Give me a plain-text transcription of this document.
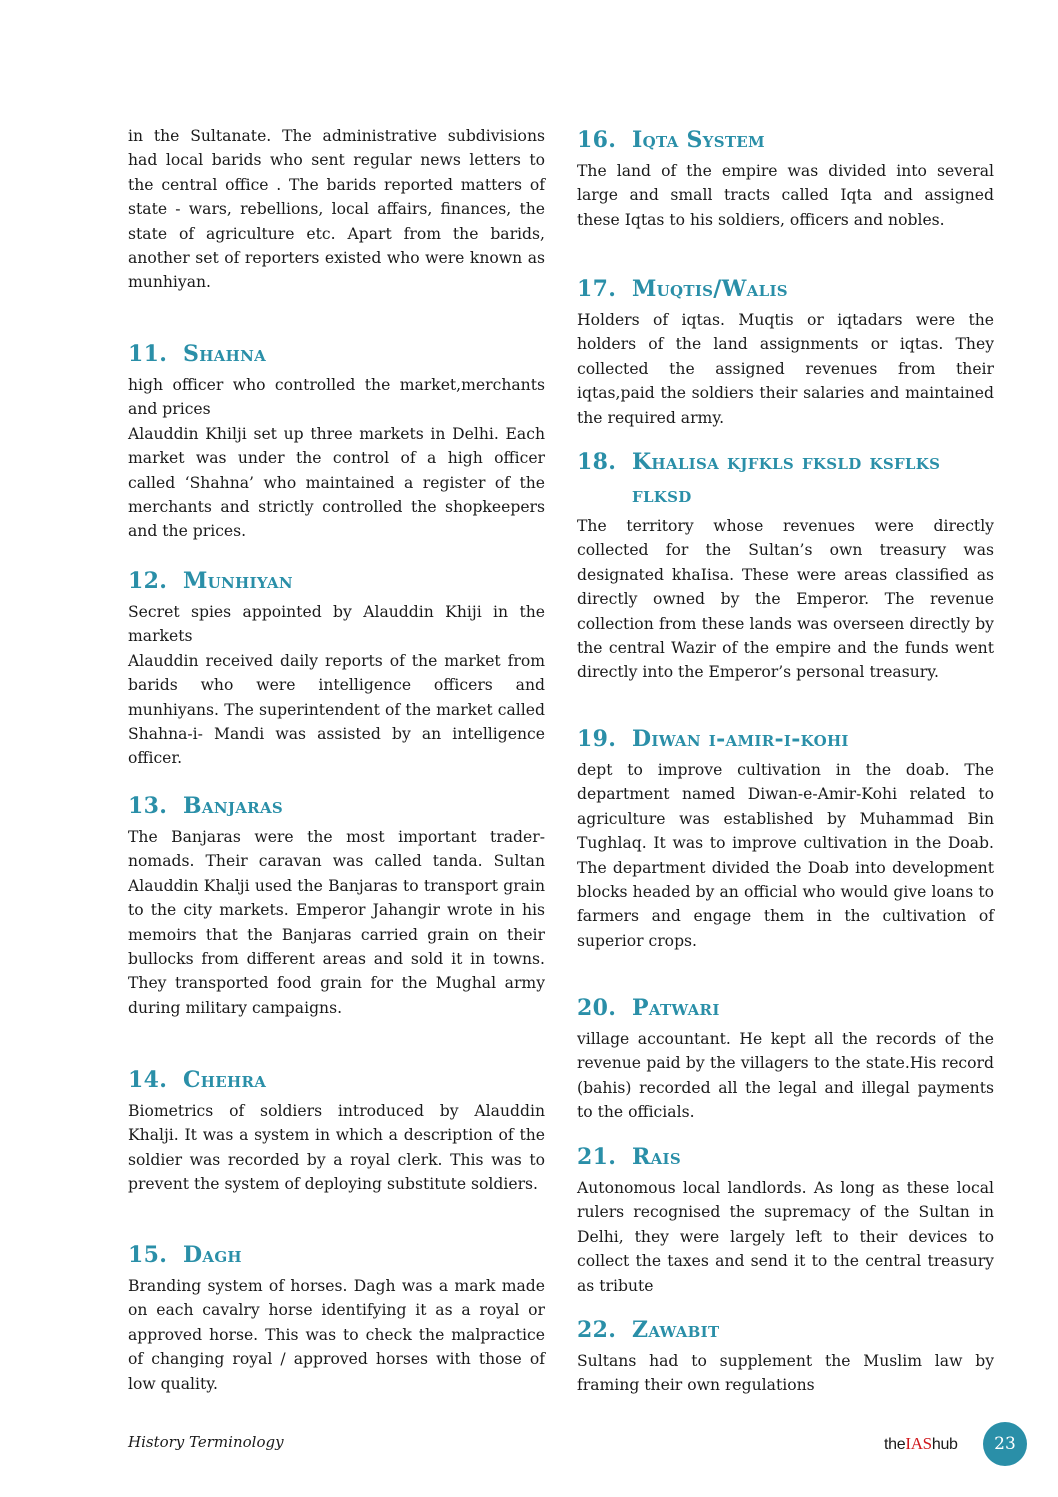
in the Sultanate. The administrative subdivisions had local barids who sent regular news letters to the central office . The barids reported matters of state - wars, rebellions, local affairs, finances, the state of agriculture etc. Apart from the barids, another set of reporters existed who were known as munhiyan.

11. Shahna

high officer who controlled the market,merchants and prices

Alauddin Khilji set up three markets in Delhi. Each market was under the control of a high officer called ‘Shahna’ who maintained a register of the merchants and strictly controlled the shopkeepers and the prices.

12. Munhiyan

Secret spies appointed by Alauddin Khiji in the markets

Alauddin received daily reports of the market from barids who were intelligence officers and munhiyans. The superintendent of the market called Shahna-i- Mandi was assisted by an intelligence officer.

13. Banjaras

The Banjaras were the most important trader-nomads. Their caravan was called tanda. Sultan Alauddin Khalji used the Banjaras to transport grain to the city markets. Emperor Jahangir wrote in his memoirs that the Banjaras carried grain on their bullocks from different areas and sold it in towns. They transported food grain for the Mughal army during military campaigns.

14. Chehra

Biometrics of soldiers introduced by Alauddin Khalji. It was a system in which a description of the soldier was recorded by a royal clerk. This was to prevent the system of deploying substitute soldiers.

15. Dagh

Branding system of horses. Dagh was a mark made on each cavalry horse identifying it as a royal or approved horse. This was to check the malpractice of changing royal / approved horses with those of low quality.

16. Iqta System

The land of the empire was divided into several large and small tracts called Iqta and assigned these Iqtas to his soldiers, officers and nobles.

17. Muqtis/Walis

Holders of iqtas. Muqtis or iqtadars were the holders of the land assignments or iqtas. They collected the assigned revenues from their iqtas,paid the soldiers their salaries and maintained the required army.

18. Khalisa kjfkls fksld ksflks flksd

The territory whose revenues were directly collected for the Sultan’s own treasury was designated khaIisa. These were areas classified as directly owned by the Emperor. The revenue collection from these lands was overseen directly by the central Wazir of the empire and the funds went directly into the Emperor’s personal treasury.

19. Diwan i-amir-i-kohi

dept to improve cultivation in the doab. The department named Diwan-e-Amir-Kohi related to agriculture was established by Muhammad Bin Tughlaq. It was to improve cultivation in the Doab. The department divided the Doab into development blocks headed by an official who would give loans to farmers and engage them in the cultivation of superior crops.

20. Patwari

village accountant. He kept all the records of the revenue paid by the villagers to the state.His record (bahis) recorded all the legal and illegal payments to the officials.

21. Rais

Autonomous local landlords. As long as these local rulers recognised the supremacy of the Sultan in Delhi, they were largely left to their devices to collect the taxes and send it to the central treasury as tribute

22. Zawabit

Sultans had to supplement the Muslim law by framing their own regulations

History Terminology	theIAShub	23
